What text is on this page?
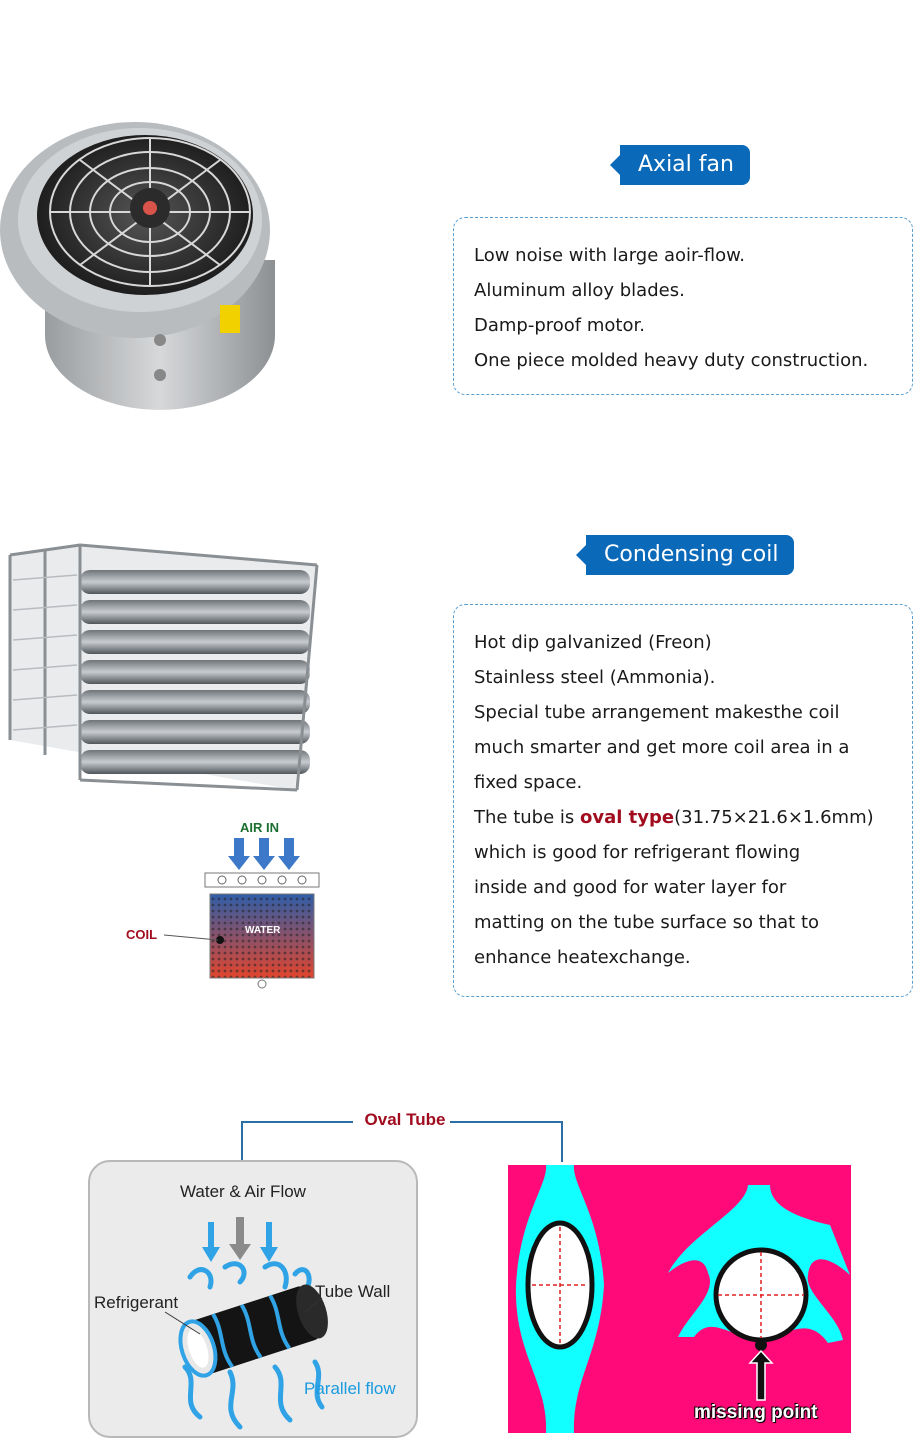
Axial fan

Low noise with large aoir-flow.

Aluminum alloy blades.

Damp-proof motor.

One piece molded heavy duty construction.

AIR IN
WATER
COIL
Condensing coil

Hot dip galvanized (Freon)

Stainless steel (Ammonia).

Special tube arrangement makesthe coil

much smarter and get more coil area in a

fixed space.

The tube is oval type(31.75×21.6×1.6mm)

which is good for refrigerant flowing

inside and good for water layer for

matting on the tube surface so that to

enhance heatexchange.

Oval Tube
Water & Air Flow
Refrigerant
Tube Wall
Parallel flow
missing point
